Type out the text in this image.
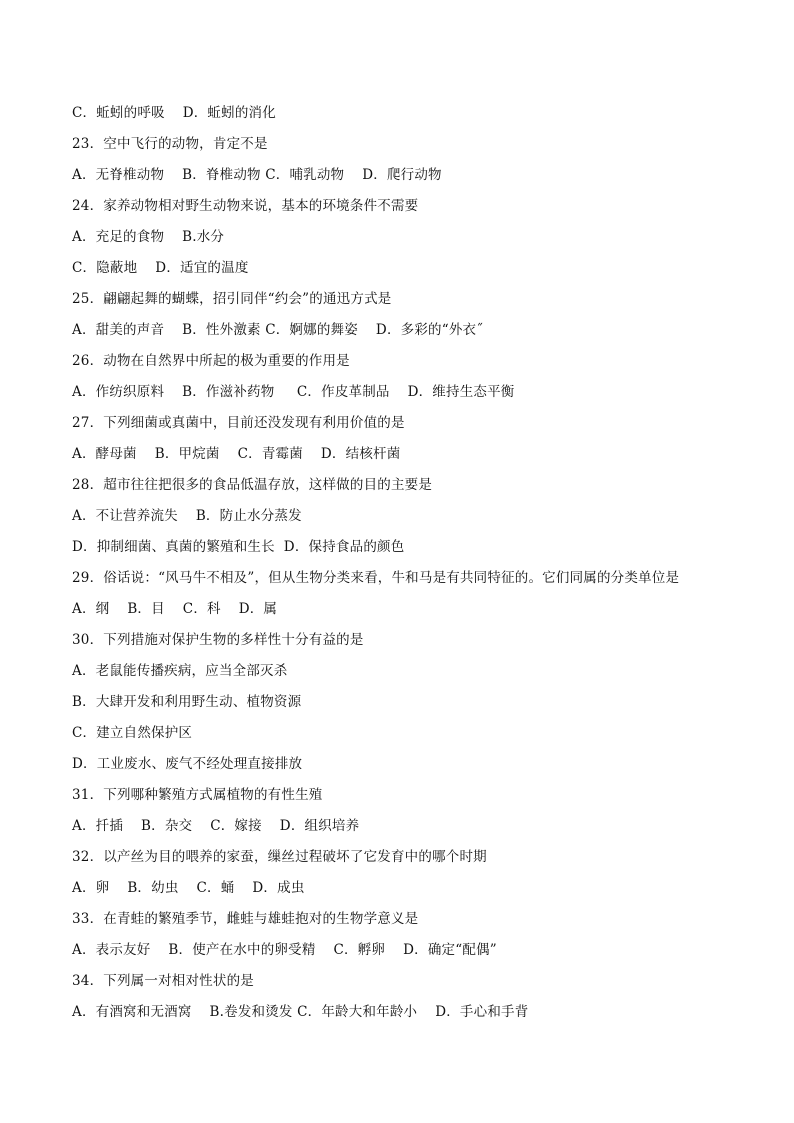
C．蚯蚓的呼吸    D．蚯蚓的消化
23．空中飞行的动物，肯定不是
A．无脊椎动物    B．脊椎动物 C．哺乳动物    D．爬行动物
24．家养动物相对野生动物来说，基本的环境条件不需要
A．充足的食物    B.水分
C．隐蔽地    D．适宜的温度
25．翩翩起舞的蝴蝶，招引同伴“约会”的通迅方式是
A．甜美的声音    B．性外激素 C．婀娜的舞姿    D．多彩的“外衣˝
26．动物在自然界中所起的极为重要的作用是
A．作纺织原料    B．作滋补药物     C．作皮革制品    D．维持生态平衡
27．下列细菌或真菌中，目前还没发现有利用价值的是
A．酵母菌    B．甲烷菌    C．青霉菌    D．结核杆菌
28．超市往往把很多的食品低温存放，这样做的目的主要是
A．不让营养流失    B．防止水分蒸发
D．抑制细菌、真菌的繁殖和生长  D．保持食品的颜色
29．俗话说：“风马牛不相及”，但从生物分类来看，牛和马是有共同特征的。它们同属的分类单位是
A．纲    B．目    C．科    D．属
30．下列措施对保护生物的多样性十分有益的是
A．老鼠能传播疾病，应当全部灭杀
B．大肆开发和利用野生动、植物资源
C．建立自然保护区
D．工业废水、废气不经处理直接排放
31．下列哪种繁殖方式属植物的有性生殖
A．扦插    B．杂交    C．嫁接    D．组织培养
32．以产丝为目的喂养的家蚕，缫丝过程破坏了它发育中的哪个时期
A．卵    B．幼虫    C．蛹    D．成虫
33．在青蛙的繁殖季节，雌蛙与雄蛙抱对的生物学意义是
A．表示友好    B．使产在水中的卵受精    C．孵卵    D．确定“配偶”
34．下列属一对相对性状的是
A．有酒窝和无酒窝    B.卷发和烫发 C．年龄大和年龄小    D．手心和手背
